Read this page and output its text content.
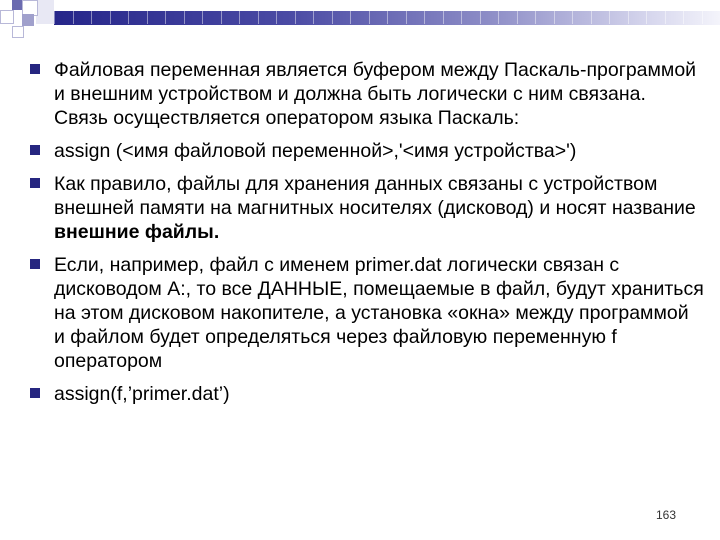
Файловая переменная является буфером между Паскаль-программой и внешним устройством и должна быть логически с ним связана. Связь осуществляется оператором языка Паскаль:
assign (<имя файловой переменной>,'<имя устройства>')
Как правило, файлы для хранения данных связаны с устройством внешней памяти на магнитных носителях (дисковод) и носят название внешние файлы.
Если, например, файл с именем primer.dat логически связан с дисководом А:, то все ДАННЫЕ, помещаемые в файл, будут храниться на этом дисковом накопителе, а установка «окна» между программой и файлом будет определяться через файловую переменную f оператором
assign(f,’primer.dat’)
163
